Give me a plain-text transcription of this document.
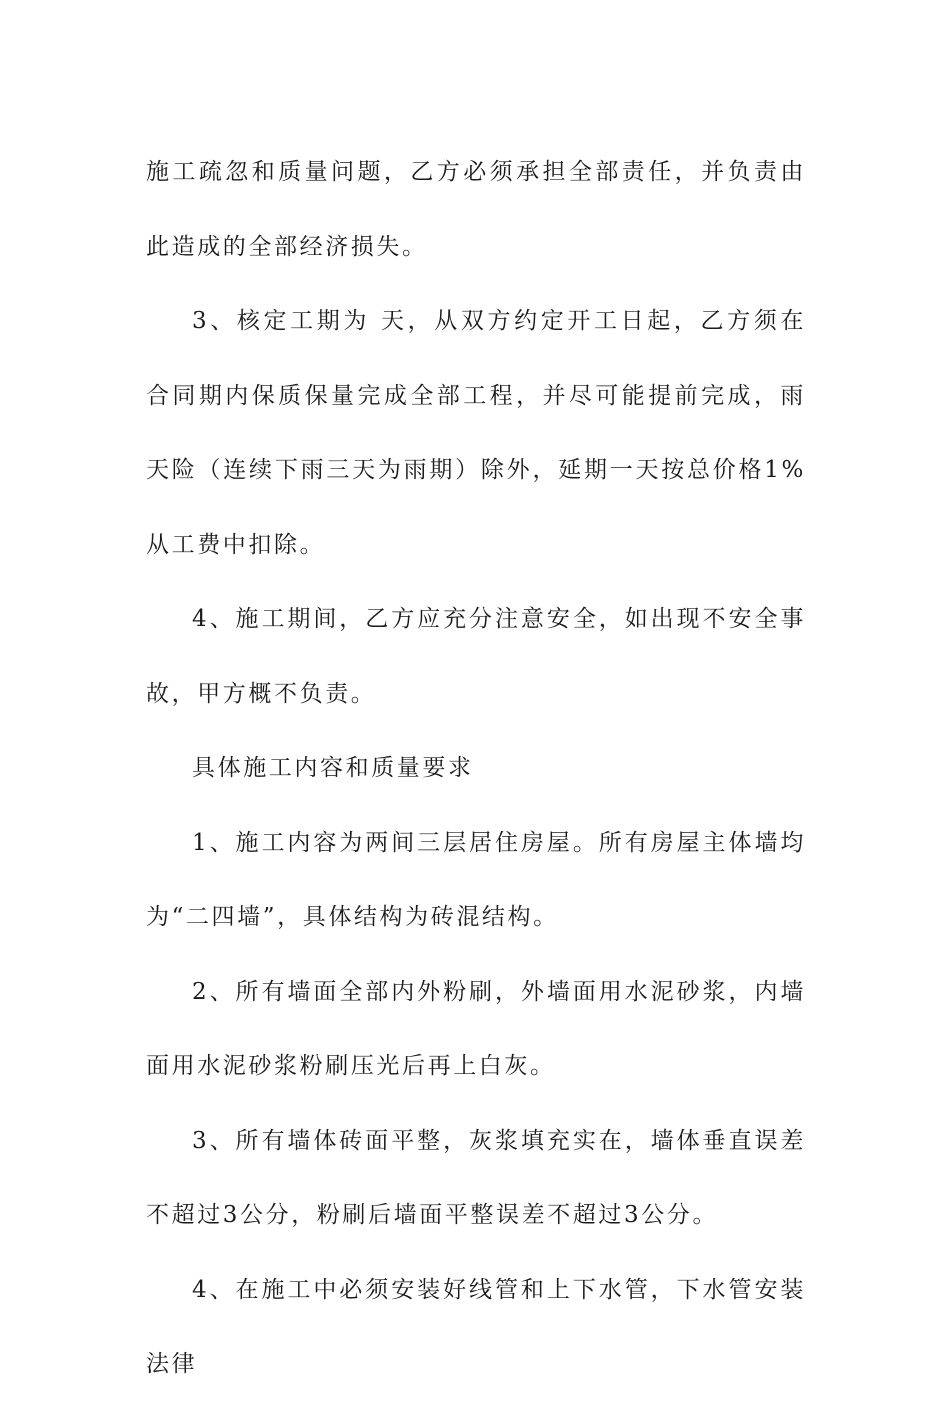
施工疏忽和质量问题，乙方必须承担全部责任，并负责由此造成的全部经济损失。

3、核定工期为 天，从双方约定开工日起，乙方须在合同期内保质保量完成全部工程，并尽可能提前完成，雨天险（连续下雨三天为雨期）除外，延期一天按总价格1%从工费中扣除。

4、施工期间，乙方应充分注意安全，如出现不安全事故，甲方概不负责。

具体施工内容和质量要求

1、施工内容为两间三层居住房屋。所有房屋主体墙均为“二四墙”，具体结构为砖混结构。

2、所有墙面全部内外粉刷，外墙面用水泥砂浆，内墙面用水泥砂浆粉刷压光后再上白灰。

3、所有墙体砖面平整，灰浆填充实在，墙体垂直误差不超过3公分，粉刷后墙面平整误差不超过3公分。

4、在施工中必须安装好线管和上下水管，下水管安装法律
